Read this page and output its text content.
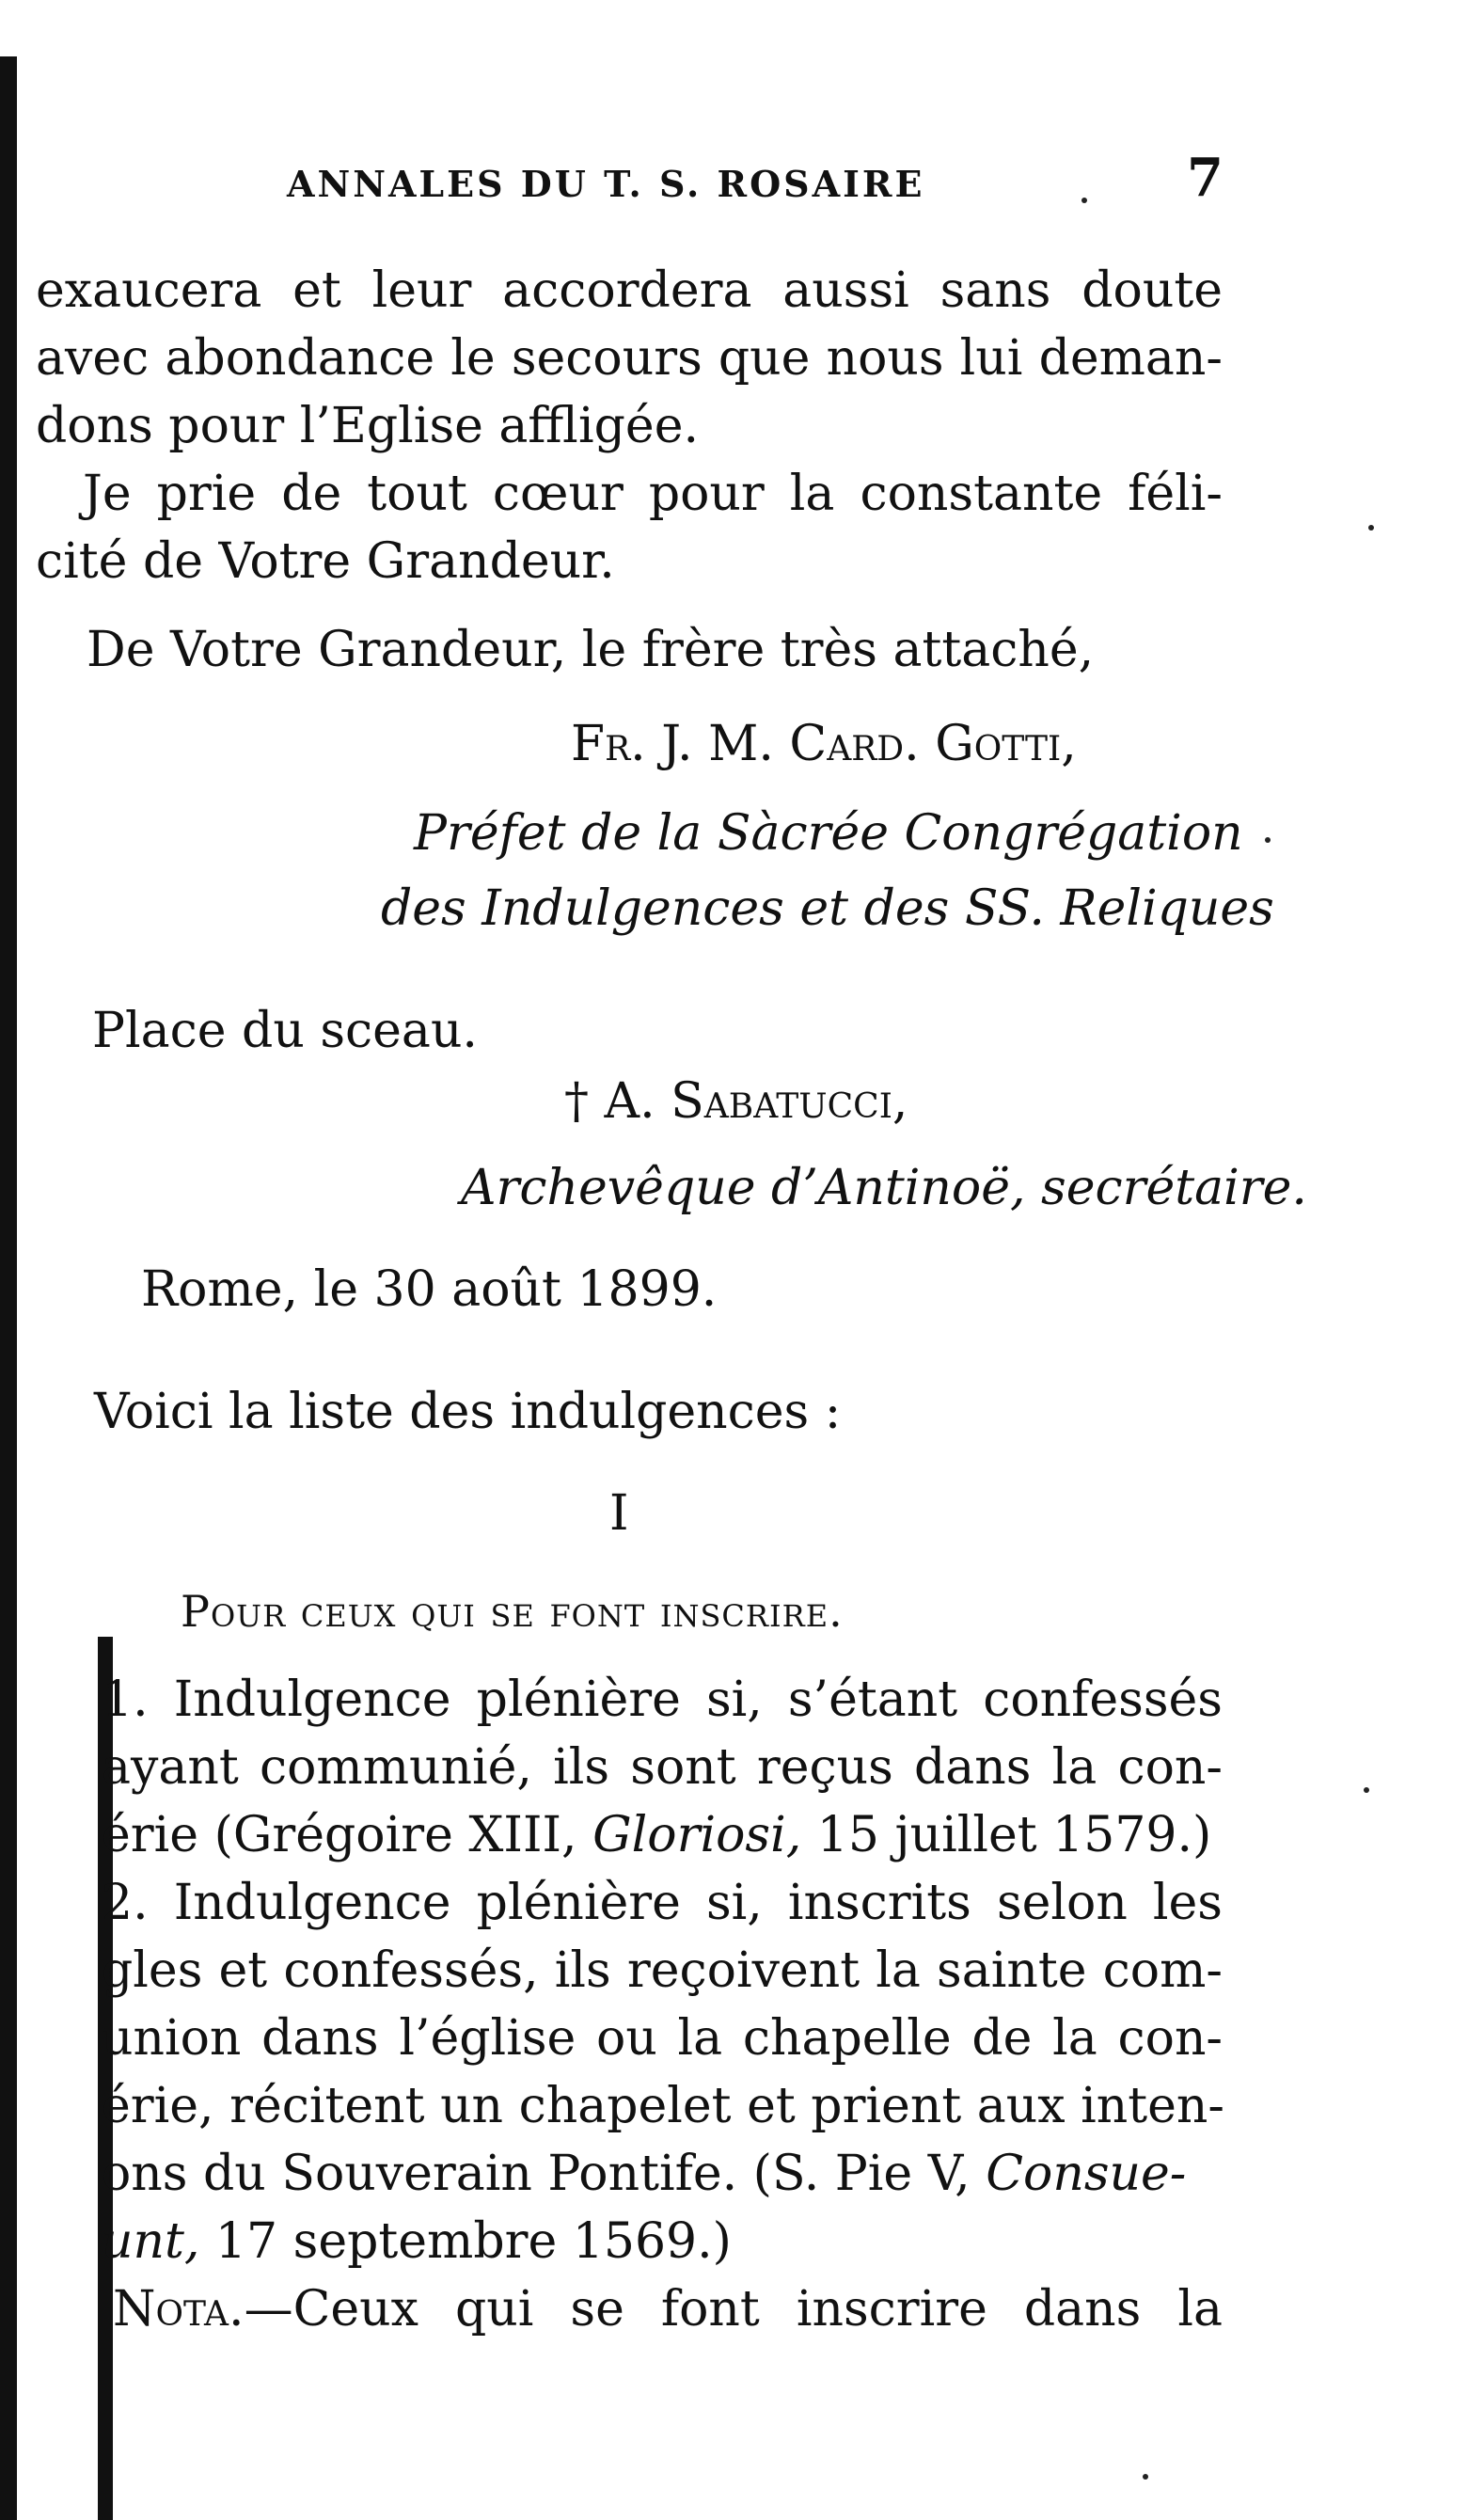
ANNALES DU T. S. ROSAIRE	7
exaucera et leur accordera aussi sans doute
avec abondance le secours que nous lui deman-
dons pour l’Eglise affligée.
Je prie de tout cœur pour la constante féli-
cité de Votre Grandeur.
De Votre Grandeur, le frère très attaché,
Fr. J. M. Card. Gotti,
Préfet de la Sàcrée Congrégation
des Indulgences et des SS. Reliques
Place du sceau.
† A. Sabatucci,
Archevêque d’Antinoë, secrétaire.
Rome, le 30 août 1899.
Voici la liste des indulgences :
I
Pour ceux qui se font inscrire.
1. Indulgence plénière si, s’étant confessés
ayant communié, ils sont reçus dans la con-
érie (Grégoire XIII, Gloriosi, 15 juillet 1579.)
2. Indulgence plénière si, inscrits selon les
gles et confessés, ils reçoivent la sainte com-
union dans l’église ou la chapelle de la con-
érie, récitent un chapelet et prient aux inten-
ons du Souverain Pontife. (S. Pie V, Consue-
unt, 17 septembre 1569.)
Nota.—Ceux qui se font inscrire dans la
